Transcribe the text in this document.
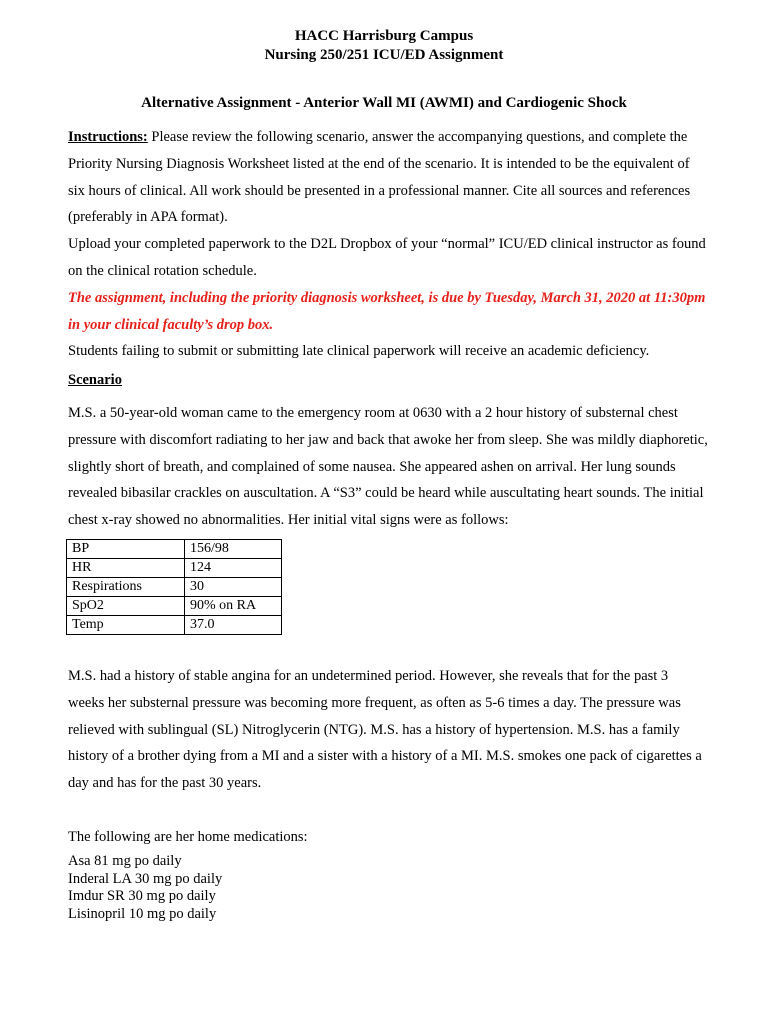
HACC Harrisburg Campus
Nursing 250/251 ICU/ED Assignment
Alternative Assignment - Anterior Wall MI (AWMI) and Cardiogenic Shock
Instructions: Please review the following scenario, answer the accompanying questions, and complete the Priority Nursing Diagnosis Worksheet listed at the end of the scenario. It is intended to be the equivalent of six hours of clinical. All work should be presented in a professional manner. Cite all sources and references (preferably in APA format).
Upload your completed paperwork to the D2L Dropbox of your “normal” ICU/ED clinical instructor as found on the clinical rotation schedule.
The assignment, including the priority diagnosis worksheet, is due by Tuesday, March 31, 2020 at 11:30pm in your clinical faculty’s drop box.
Students failing to submit or submitting late clinical paperwork will receive an academic deficiency.
Scenario
M.S. a 50-year-old woman came to the emergency room at 0630 with a 2 hour history of substernal chest pressure with discomfort radiating to her jaw and back that awoke her from sleep. She was mildly diaphoretic, slightly short of breath, and complained of some nausea. She appeared ashen on arrival. Her lung sounds revealed bibasilar crackles on auscultation. A “S3” could be heard while auscultating heart sounds. The initial chest x-ray showed no abnormalities. Her initial vital signs were as follows:
BP	156/98
HR	124
Respirations	30
SpO2	90% on RA
Temp	37.0
M.S. had a history of stable angina for an undetermined period. However, she reveals that for the past 3 weeks her substernal pressure was becoming more frequent, as often as 5-6 times a day. The pressure was relieved with sublingual (SL) Nitroglycerin (NTG). M.S. has a history of hypertension. M.S. has a family history of a brother dying from a MI and a sister with a history of a MI. M.S. smokes one pack of cigarettes a day and has for the past 30 years.
The following are her home medications:
Asa 81 mg po daily
Inderal LA 30 mg po daily
Imdur SR 30 mg po daily
Lisinopril 10 mg po daily
